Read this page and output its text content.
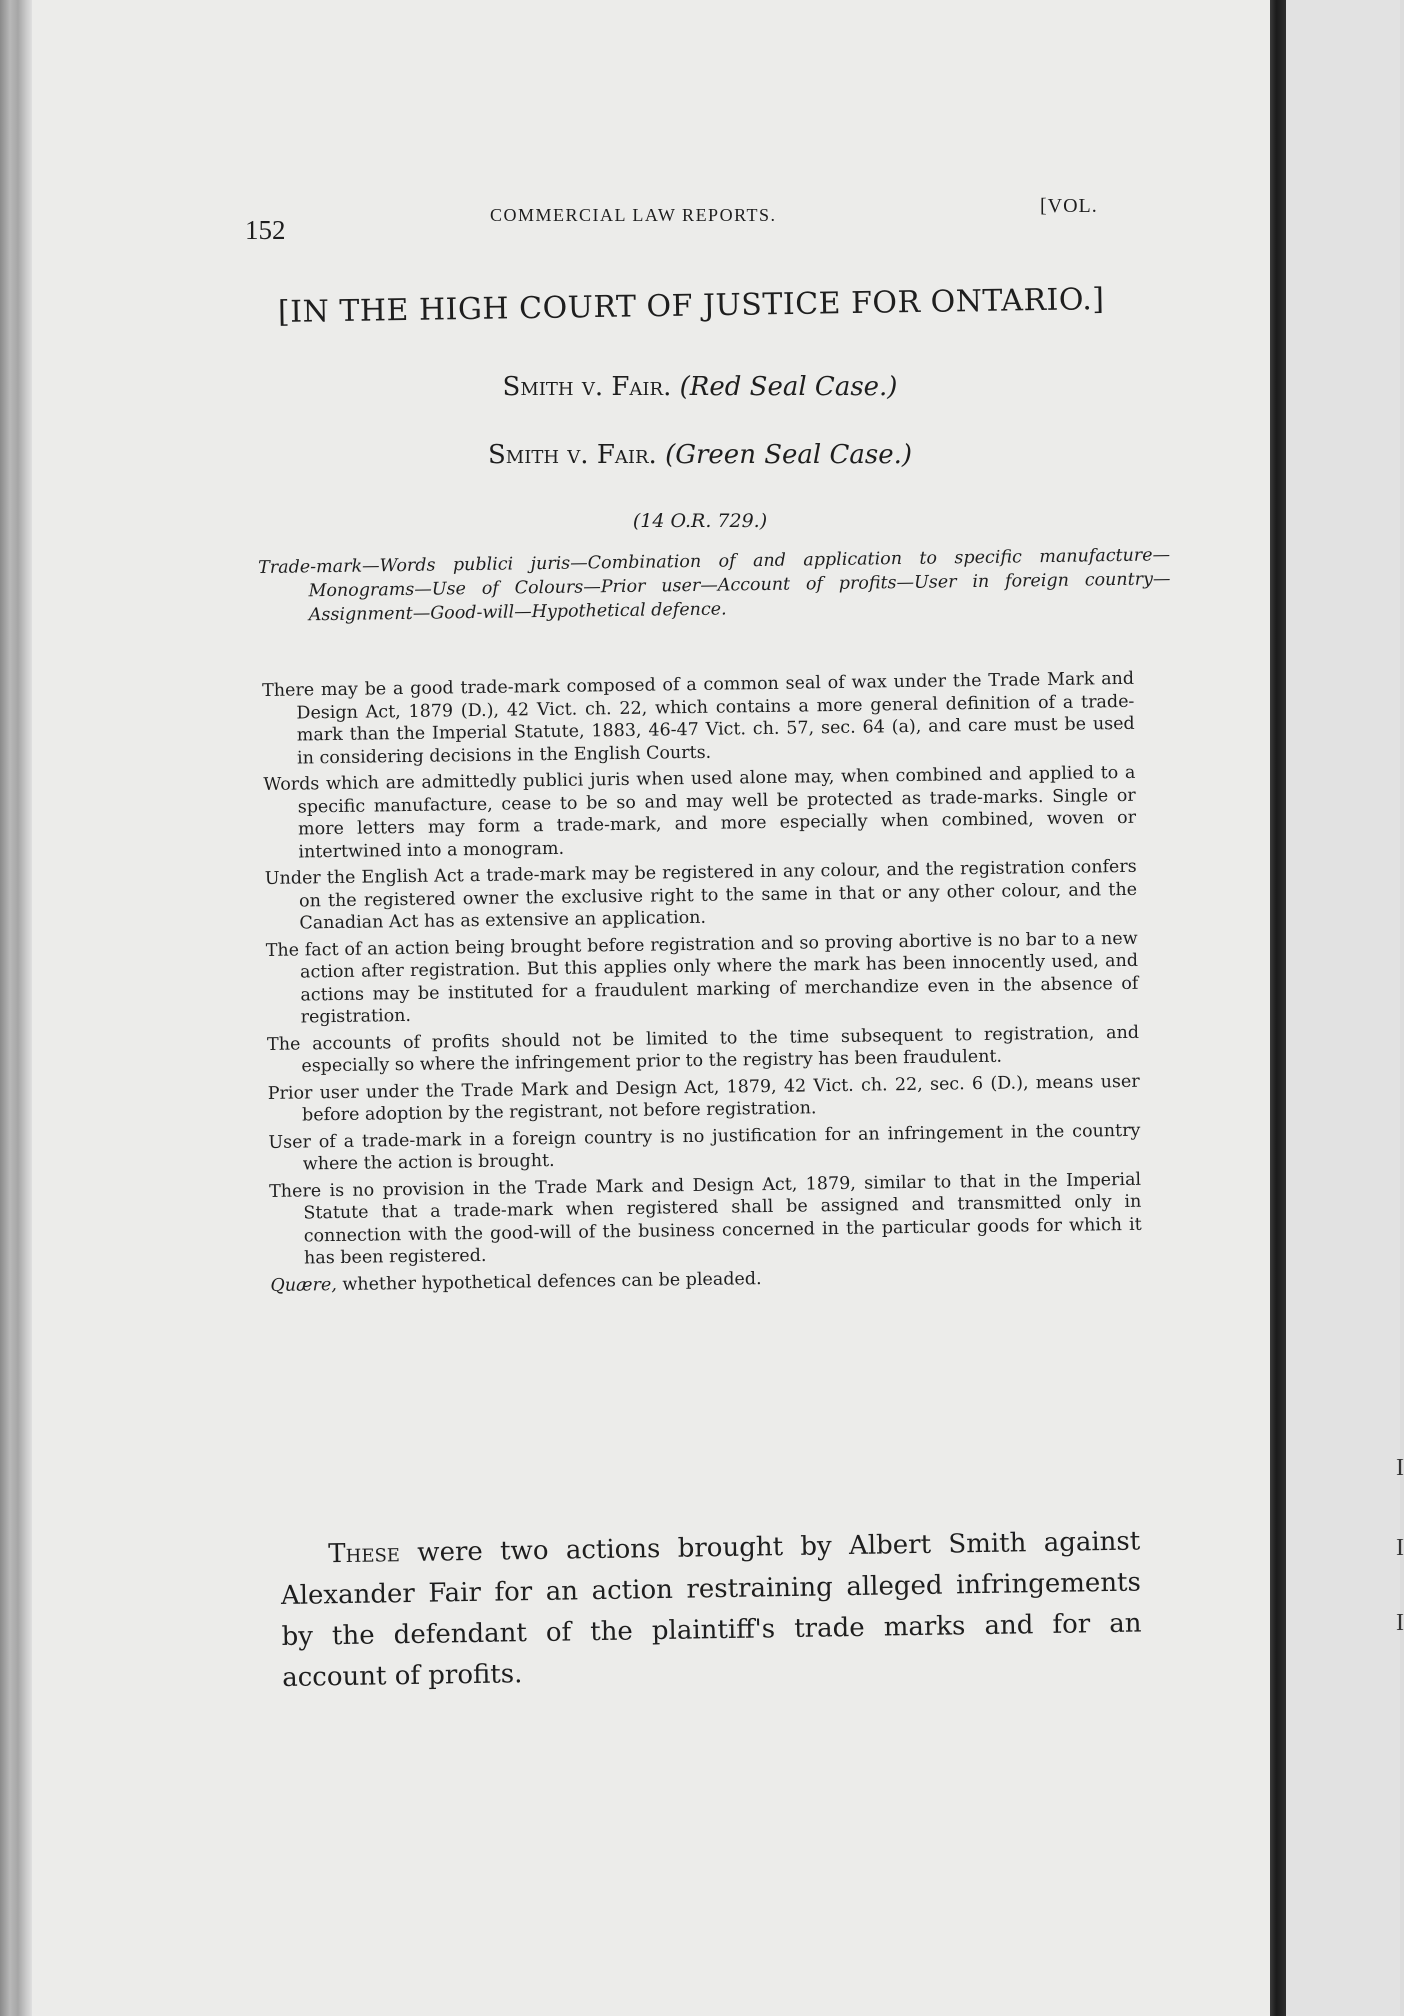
I
I
I
152	COMMERCIAL LAW REPORTS.	[VOL.
[IN THE HIGH COURT OF JUSTICE FOR ONTARIO.]
Smith v. Fair. (Red Seal Case.)
Smith v. Fair. (Green Seal Case.)
(14 O.R. 729.)
Trade-mark—Words publici juris—Combination of and application to specific manufacture—Monograms—Use of Colours—Prior user—Account of profits—User in foreign country—Assignment—Good-will—Hypothetical defence.

There may be a good trade-mark composed of a common seal of wax under the Trade Mark and Design Act, 1879 (D.), 42 Vict. ch. 22, which contains a more general definition of a trade-mark than the Imperial Statute, 1883, 46-47 Vict. ch. 57, sec. 64 (a), and care must be used in considering decisions in the English Courts.

Words which are admittedly publici juris when used alone may, when combined and applied to a specific manufacture, cease to be so and may well be protected as trade-marks. Single or more letters may form a trade-mark, and more especially when combined, woven or intertwined into a monogram.

Under the English Act a trade-mark may be registered in any colour, and the registration confers on the registered owner the exclusive right to the same in that or any other colour, and the Canadian Act has as extensive an application.

The fact of an action being brought before registration and so proving abortive is no bar to a new action after registration. But this applies only where the mark has been innocently used, and actions may be instituted for a fraudulent marking of merchandize even in the absence of registration.

The accounts of profits should not be limited to the time subsequent to registration, and especially so where the infringement prior to the registry has been fraudulent.

Prior user under the Trade Mark and Design Act, 1879, 42 Vict. ch. 22, sec. 6 (D.), means user before adoption by the registrant, not before registration.

User of a trade-mark in a foreign country is no justification for an infringement in the country where the action is brought.

There is no provision in the Trade Mark and Design Act, 1879, similar to that in the Imperial Statute that a trade-mark when registered shall be assigned and transmitted only in connection with the good-will of the business concerned in the particular goods for which it has been registered.

Quære, whether hypothetical defences can be pleaded.

These were two actions brought by Albert Smith against Alexander Fair for an action restraining alleged infringements by the defendant of the plaintiff's trade marks and for an account of profits.
